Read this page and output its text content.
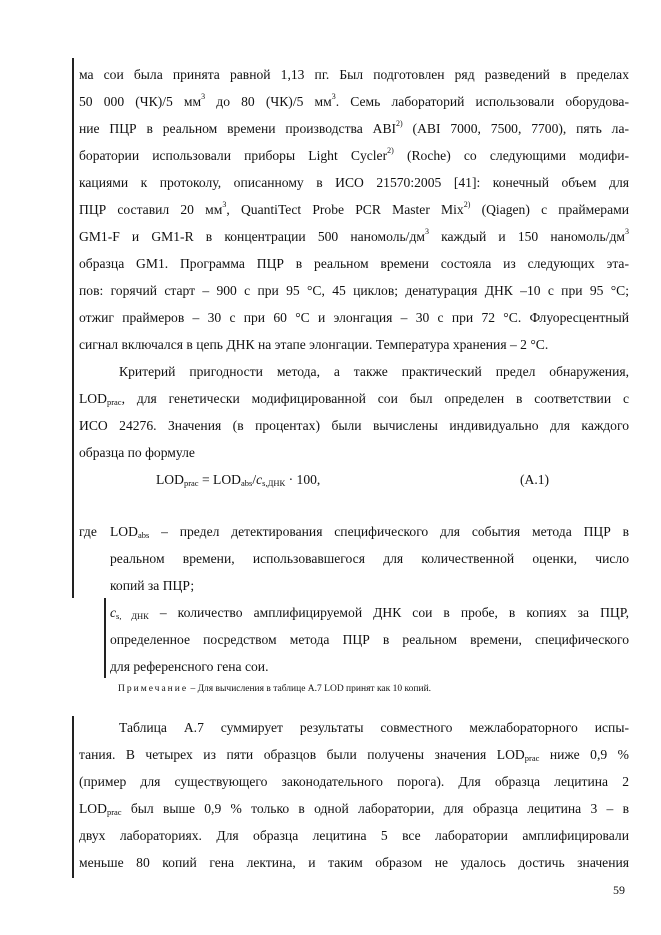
ма сои была принята равной 1,13 пг. Был подготовлен ряд разведений в пределах
50 000 (ЧК)/5 $мм^3$ до 80 (ЧК)/5 $мм^3$. Семь лабораторий использовали оборудова-
ние ПЦР в реальном времени производства ABI$^{2)}$ (ABI 7000, 7500, 7700), пять ла-
боратории использовали приборы Light Cycler$^{2)}$ (Roche) со следующими модифи-
кациями к протоколу, описанному в ИСО 21570:2005 [41]: конечный объем для
ПЦР составил 20 $мм^3$, QuantiTect Probe PCR Master Mix$^{2)}$ (Qiagen) с праймерами
GM1-F и GM1-R в концентрации 500 наномоль/$дм^3$ каждый и 150 наномоль/$дм^3$
образца GM1. Программа ПЦР в реальном времени состояла из следующих эта-
пов: горячий старт – 900 с при 95 °C, 45 циклов; денатурация ДНК –10 с при 95 °C;
отжиг праймеров – 30 с при 60 °C и элонгация – 30 с при 72 °C. Флуоресцентный
сигнал включался в цепь ДНК на этапе элонгации. Температура хранения – 2 °C.
Критерий пригодности метода, а также практический предел обнаружения,
$LOD_{prac}$, для генетически модифицированной сои был определен в соответствии с
ИСО 24276. Значения (в процентах) были вычислены индивидуально для каждого
образца по формуле
$LOD_{prac} = LOD_{abs}/c_{s,ДНК} \cdot 100$,	(A.1)
где $LOD_{abs}$ – предел детектирования специфического для события метода ПЦР в
реальном времени, использовавшегося для количественной оценки, число
копий за ПЦР;
$c_{s, ДНК}$ – количество амплифицируемой ДНК сои в пробе, в копиях за ПЦР,
определенное посредством метода ПЦР в реальном времени, специфического
для референсного гена сои.
Примечание – Для вычисления в таблице А.7 LOD принят как 10 копий.
Таблица А.7 суммирует результаты совместного межлабораторного испы-
тания. В четырех из пяти образцов были получены значения $LOD_{prac}$ ниже 0,9 %
(пример для существующего законодательного порога). Для образца лецитина 2
$LOD_{prac}$ был выше 0,9 % только в одной лаборатории, для образца лецитина 3 – в
двух лабораториях. Для образца лецитина 5 все лаборатории амплифицировали
меньше 80 копий гена лектина, и таким образом не удалось достичь значения
59
